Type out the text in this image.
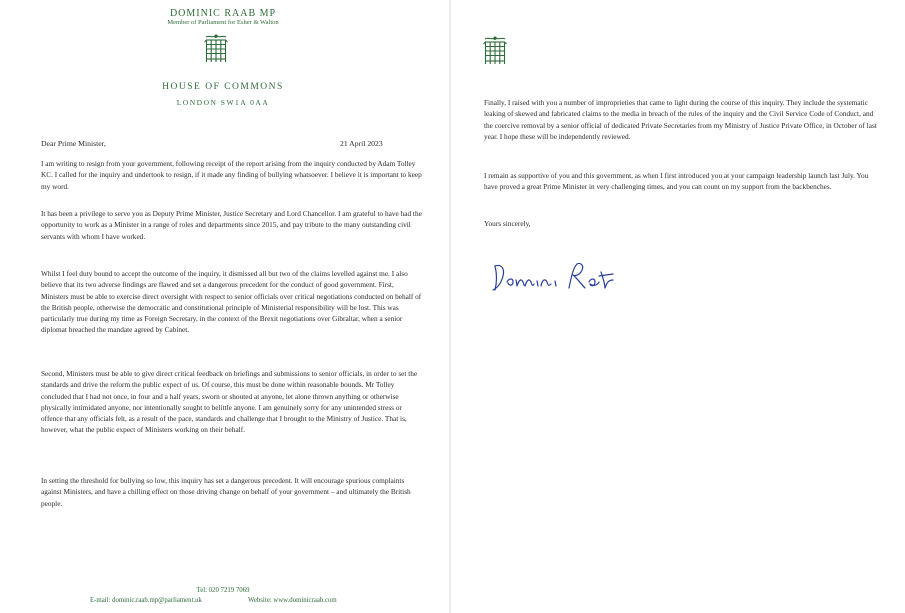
DOMINIC RAAB MP
Member of Parliament for Esher & Walton
HOUSE OF COMMONS
LONDON SW1A 0AA
Dear Prime Minister,	21 April 2023

I am writing to resign from your government, following receipt of the report arising from the inquiry conducted by Adam Tolley KC. I called for the inquiry and undertook to resign, if it made any finding of bullying whatsoever. I believe it is important to keep my word.

It has been a privilege to serve you as Deputy Prime Minister, Justice Secretary and Lord Chancellor. I am grateful to have had the opportunity to work as a Minister in a range of roles and departments since 2015, and pay tribute to the many outstanding civil servants with whom I have worked.

Whilst I feel duty bound to accept the outcome of the inquiry, it dismissed all but two of the claims levelled against me. I also believe that its two adverse findings are flawed and set a dangerous precedent for the conduct of good government. First, Ministers must be able to exercise direct oversight with respect to senior officials over critical negotiations conducted on behalf of the British people, otherwise the democratic and constitutional principle of Ministerial responsibility will be lost. This was particularly true during my time as Foreign Secretary, in the context of the Brexit negotiations over Gibraltar, when a senior diplomat breached the mandate agreed by Cabinet.

Second, Ministers must be able to give direct critical feedback on briefings and submissions to senior officials, in order to set the standards and drive the reform the public expect of us. Of course, this must be done within reasonable bounds. Mr Tolley concluded that I had not once, in four and a half years, sworn or shouted at anyone, let alone thrown anything or otherwise physically intimidated anyone, nor intentionally sought to belittle anyone. I am genuinely sorry for any unintended stress or offence that any officials felt, as a result of the pace, standards and challenge that I brought to the Ministry of Justice. That is, however, what the public expect of Ministers working on their behalf.

In setting the threshold for bullying so low, this inquiry has set a dangerous precedent. It will encourage spurious complaints against Ministers, and have a chilling effect on those driving change on behalf of your government – and ultimately the British people.

Tel: 020 7219 7069
E-mail: dominic.raab.mp@parliament.uk	Website: www.dominicraab.com

Finally, I raised with you a number of improprieties that came to light during the course of this inquiry. They include the systematic leaking of skewed and fabricated claims to the media in breach of the rules of the inquiry and the Civil Service Code of Conduct, and the coercive removal by a senior official of dedicated Private Secretaries from my Ministry of Justice Private Office, in October of last year. I hope these will be independently reviewed.

I remain as supportive of you and this government, as when I first introduced you at your campaign leadership launch last July. You have proved a great Prime Minister in very challenging times, and you can count on my support from the backbenches.

Yours sincerely,
